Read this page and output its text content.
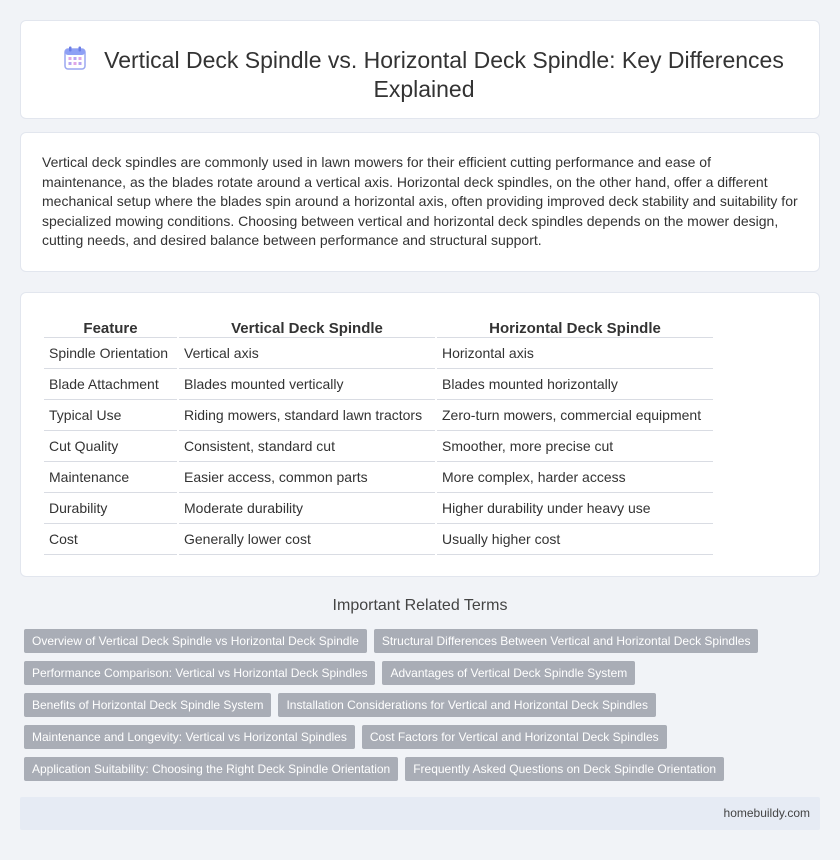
Vertical Deck Spindle vs. Horizontal Deck Spindle: Key Differences Explained

Vertical deck spindles are commonly used in lawn mowers for their efficient cutting performance and ease of maintenance, as the blades rotate around a vertical axis. Horizontal deck spindles, on the other hand, offer a different mechanical setup where the blades spin around a horizontal axis, often providing improved deck stability and suitability for specialized mowing conditions. Choosing between vertical and horizontal deck spindles depends on the mower design, cutting needs, and desired balance between performance and structural support.

Feature	Vertical Deck Spindle	Horizontal Deck Spindle
Spindle Orientation	Vertical axis	Horizontal axis
Blade Attachment	Blades mounted vertically	Blades mounted horizontally
Typical Use	Riding mowers, standard lawn tractors	Zero-turn mowers, commercial equipment
Cut Quality	Consistent, standard cut	Smoother, more precise cut
Maintenance	Easier access, common parts	More complex, harder access
Durability	Moderate durability	Higher durability under heavy use
Cost	Generally lower cost	Usually higher cost
Important Related Terms
Overview of Vertical Deck Spindle vs Horizontal Deck Spindle	Structural Differences Between Vertical and Horizontal Deck Spindles
Performance Comparison: Vertical vs Horizontal Deck Spindles	Advantages of Vertical Deck Spindle System
Benefits of Horizontal Deck Spindle System	Installation Considerations for Vertical and Horizontal Deck Spindles
Maintenance and Longevity: Vertical vs Horizontal Spindles	Cost Factors for Vertical and Horizontal Deck Spindles
Application Suitability: Choosing the Right Deck Spindle Orientation	Frequently Asked Questions on Deck Spindle Orientation
homebuildy.com
